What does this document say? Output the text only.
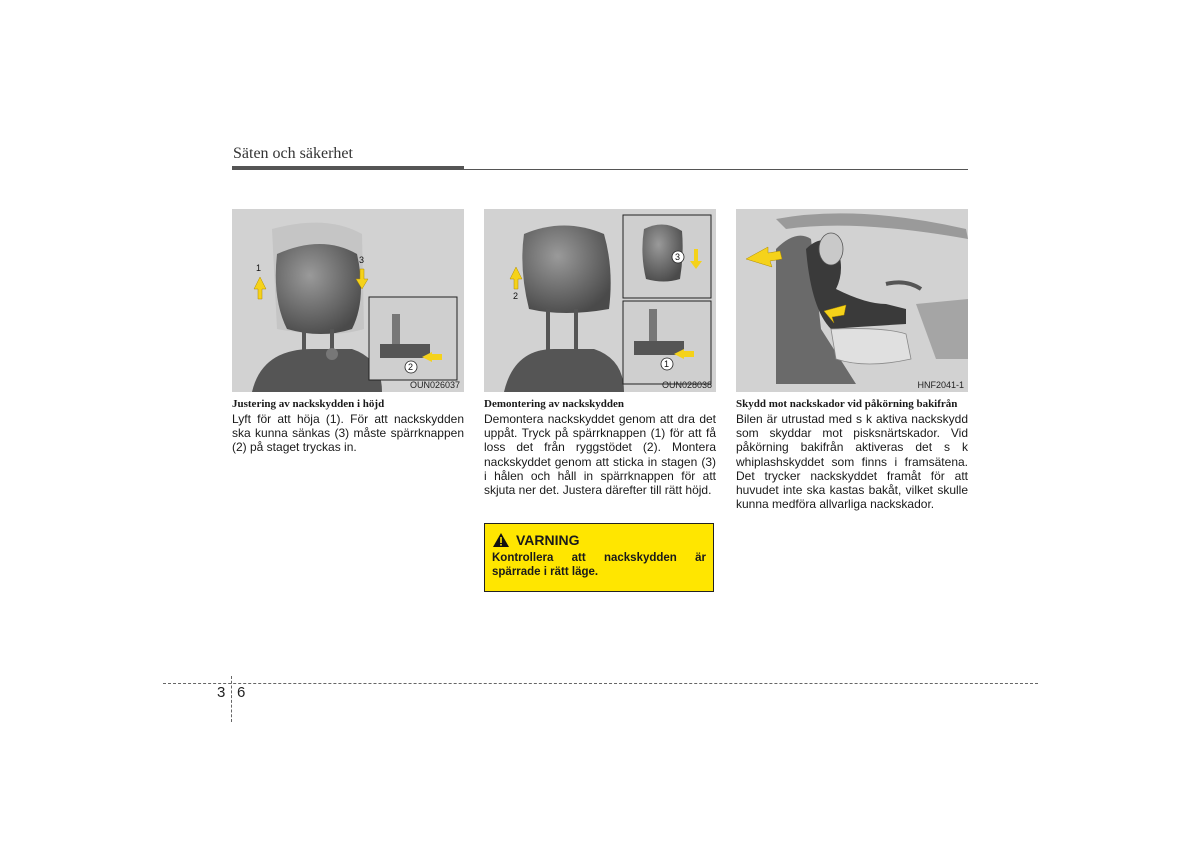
Säten och säkerhet
1
3
2
OUN026037
2
3
1
OUN028038	HNF2041-1

Justering av nackskydden i höjd

Lyft för att höja (1). För att nackskydden ska kunna sänkas (3) måste spärrknappen (2) på staget tryckas in.

Demontering av nackskydden

Demontera nackskyddet genom att dra det uppåt. Tryck på spärrknappen (1) för att få loss det från ryggstödet (2). Montera nackskyddet genom att sticka in stagen (3) i hålen och håll in spärrknappen för att skjuta ner det. Justera därefter till rätt höjd.

Skydd mot nackskador vid påkörning bakifrån

Bilen är utrustad med s k aktiva nackskydd som skyddar mot pisksnärtskador. Vid påkörning bakifrån aktiveras det s k whiplashskyddet som finns i framsätena. Det trycker nackskyddet framåt för att huvudet inte ska kastas bakåt, vilket skulle kunna medföra allvarliga nackskador.

VARNING
Kontrollera att nackskydden är spärrade i rätt läge.
3 6
